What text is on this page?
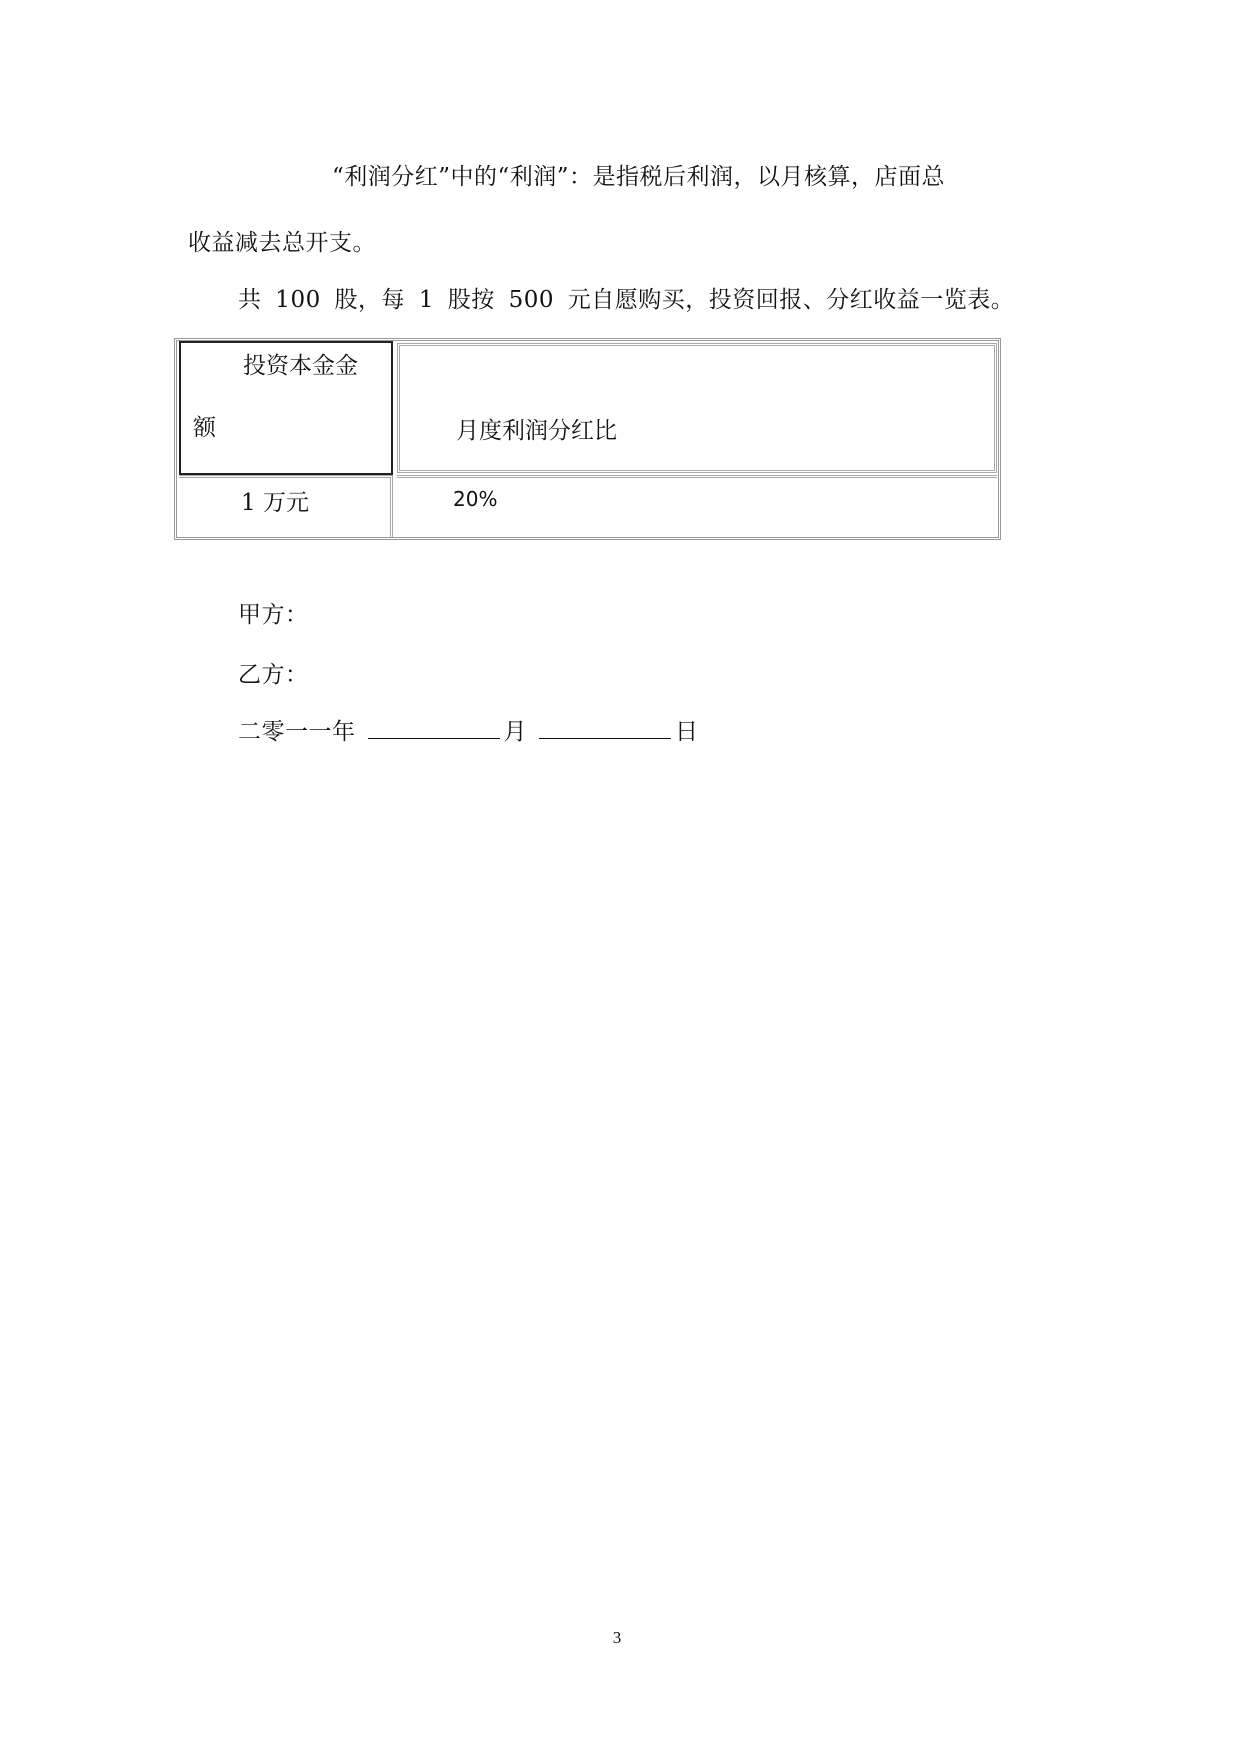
“利润分红”中的“利润”：是指税后利润，以月核算，店面总
收益减去总开支。
共 100 股，每 1 股按 500 元自愿购买，投资回报、分红收益一览表。
投资本金金
额	月度利润分红比
1 万元	20%
甲方：
乙方：
二零一一年	月	日
3
